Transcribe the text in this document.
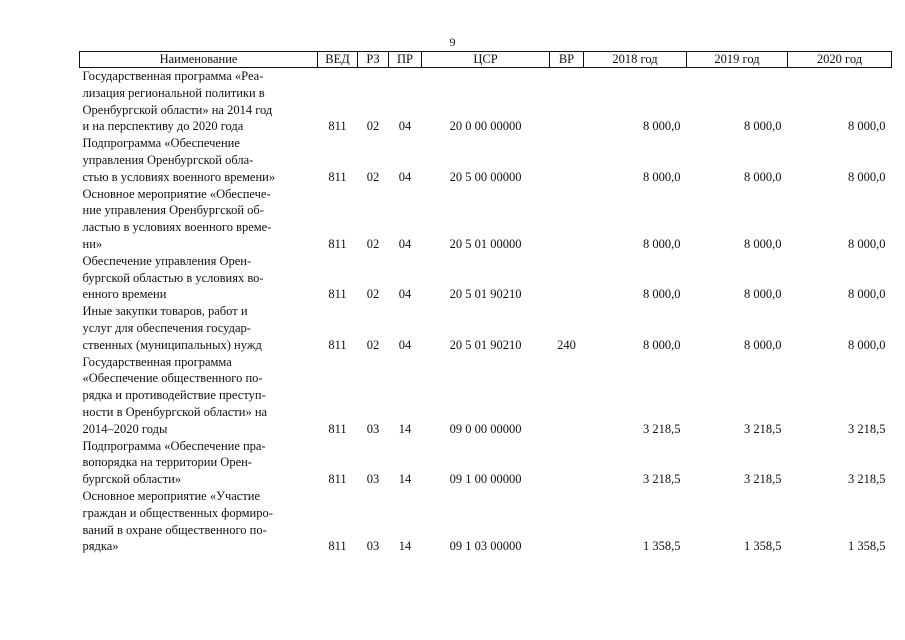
9
Наименование	ВЕД	РЗ	ПР	ЦСР	ВР	2018 год	2019 год	2020 год

Государственная программа «Реа-
лизация региональной политики в
Оренбургской области» на 2014 год
и на перспективу до 2020 года	811	02	04	20 0 00 00000		8 000,0	8 000,0	8 000,0

Подпрограмма «Обеспечение
управления Оренбургской обла-
стью в условиях военного времени»	811	02	04	20 5 00 00000		8 000,0	8 000,0	8 000,0

Основное мероприятие «Обеспече-
ние управления Оренбургской об-
ластью в условиях военного време-
ни»	811	02	04	20 5 01 00000		8 000,0	8 000,0	8 000,0

Обеспечение управления Орен-
бургской областью в условиях во-
енного времени	811	02	04	20 5 01 90210		8 000,0	8 000,0	8 000,0

Иные закупки товаров, работ и
услуг для обеспечения государ-
ственных (муниципальных) нужд	811	02	04	20 5 01 90210	240	8 000,0	8 000,0	8 000,0

Государственная программа
«Обеспечение общественного по-
рядка и противодействие преступ-
ности в Оренбургской области» на
2014–2020 годы	811	03	14	09 0 00 00000		3 218,5	3 218,5	3 218,5

Подпрограмма «Обеспечение пра-
вопорядка на территории Орен-
бургской области»	811	03	14	09 1 00 00000		3 218,5	3 218,5	3 218,5

Основное мероприятие «Участие
граждан и общественных формиро-
ваний в охране общественного по-
рядка»	811	03	14	09 1 03 00000		1 358,5	1 358,5	1 358,5
